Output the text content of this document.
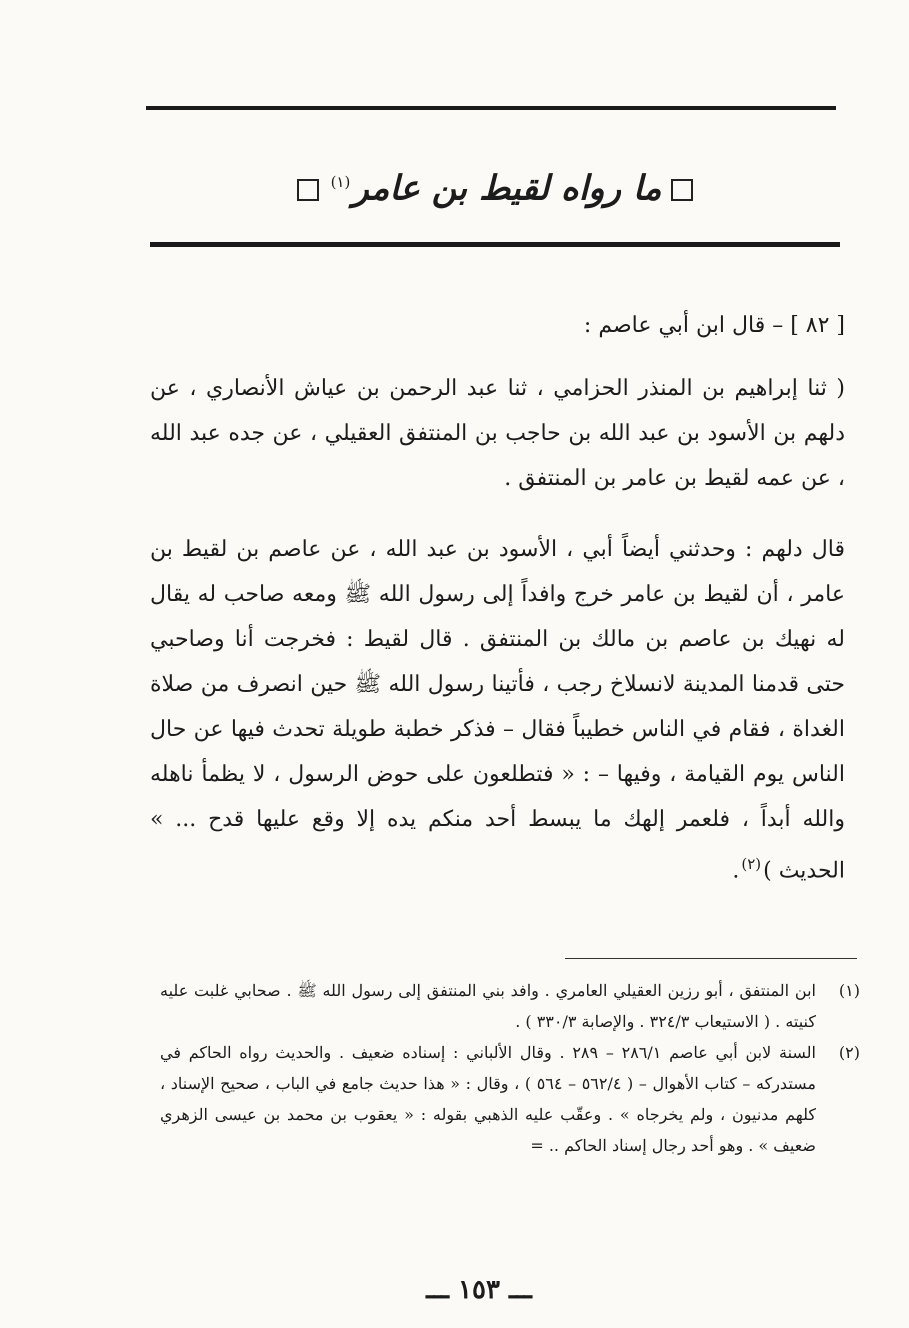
ما رواه لقيط بن عامر$^{(١)}$

[ ٨٢ ] – قال ابن أبي عاصم :

( ثنا إبراهيم بن المنذر الحزامي ، ثنا عبد الرحمن بن عياش الأنصاري ، عن دلهم بن الأسود بن عبد الله بن حاجب بن المنتفق العقيلي ، عن جده عبد الله ، عن عمه لقيط بن عامر بن المنتفق .

قال دلهم : وحدثني أيضاً أبي ، الأسود بن عبد الله ، عن عاصم بن لقيط بن عامر ، أن لقيط بن عامر خرج وافداً إلى رسول الله ﷺ ومعه صاحب له يقال له نهيك بن عاصم بن مالك بن المنتفق . قال لقيط : فخرجت أنا وصاحبي حتى قدمنا المدينة لانسلاخ رجب ، فأتينا رسول الله ﷺ حين انصرف من صلاة الغداة ، فقام في الناس خطيباً فقال – فذكر خطبة طويلة تحدث فيها عن حال الناس يوم القيامة ، وفيها – : « فتطلعون على حوض الرسول ، لا يظمأ ناهله والله أبداً ، فلعمر إلهك ما يبسط أحد منكم يده إلا وقع عليها قدح ... » الحديث )$^{(٢)}$.

(١)
ابن المنتفق ، أبو رزين العقيلي العامري . وافد بني المنتفق إلى رسول الله ﷺ . صحابي غلبت عليه كنيته . ( الاستيعاب ٣٢٤/٣ . والإصابة ٣٣٠/٣ ) .
(٢)
السنة لابن أبي عاصم ٢٨٦/١ – ٢٨٩ . وقال الألباني : إسناده ضعيف . والحديث رواه الحاكم في مستدركه – كتاب الأهوال – ( ٥٦٢/٤ – ٥٦٤ ) ، وقال : « هذا حديث جامع في الباب ، صحيح الإسناد ، كلهم مدنيون ، ولم يخرجاه » . وعقّب عليه الذهبي بقوله : « يعقوب بن محمد بن عيسى الزهري ضعيف » . وهو أحد رجال إسناد الحاكم .. =
ـــ ١٥٣ ـــ
